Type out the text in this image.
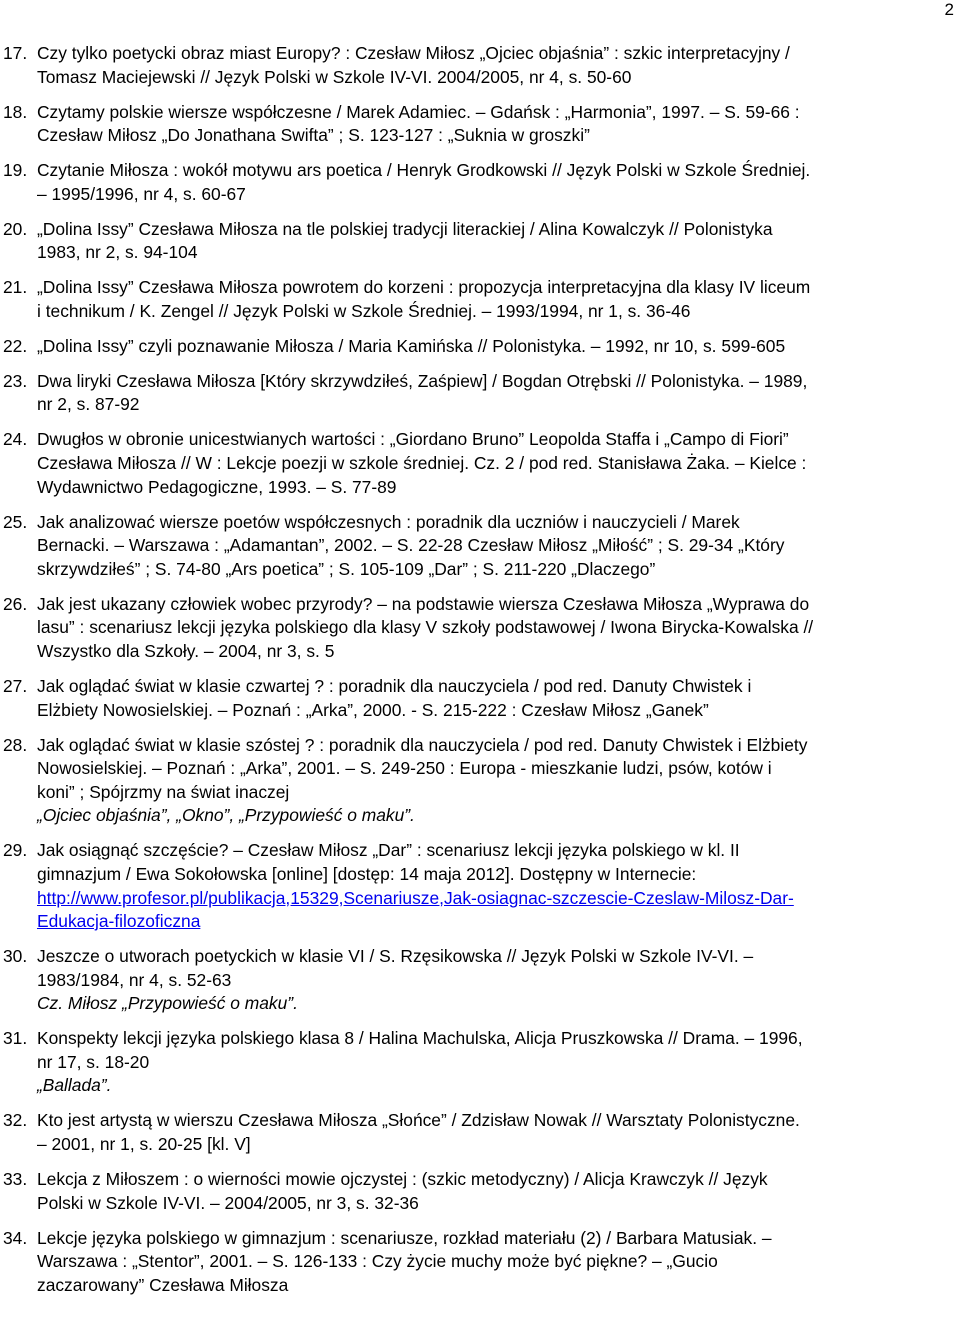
2
17. Czy tylko poetycki obraz miast Europy? : Czesław Miłosz „Ojciec objaśnia” : szkic interpretacyjny /
Tomasz Maciejewski // Język Polski w Szkole IV-VI. 2004/2005, nr 4, s. 50-60
18. Czytamy polskie wiersze współczesne / Marek Adamiec. – Gdańsk : „Harmonia”, 1997. – S. 59-66 :
Czesław Miłosz „Do Jonathana Swifta” ; S. 123-127 : „Suknia w groszki”
19. Czytanie Miłosza : wokół motywu ars poetica / Henryk Grodkowski // Język Polski w Szkole Średniej.
– 1995/1996, nr 4, s. 60-67
20. „Dolina Issy” Czesława Miłosza na tle polskiej tradycji literackiej / Alina Kowalczyk // Polonistyka
1983, nr 2, s. 94-104
21. „Dolina Issy” Czesława Miłosza powrotem do korzeni : propozycja interpretacyjna dla klasy IV liceum
i technikum / K. Zengel // Język Polski w Szkole Średniej. – 1993/1994, nr 1, s. 36-46
22. „Dolina Issy” czyli poznawanie Miłosza / Maria Kamińska // Polonistyka. – 1992, nr 10, s. 599-605
23. Dwa liryki Czesława Miłosza [Który skrzywdziłeś, Zaśpiew] / Bogdan Otrębski // Polonistyka. – 1989,
nr 2, s. 87-92
24. Dwugłos w obronie unicestwianych wartości : „Giordano Bruno” Leopolda Staffa i „Campo di Fiori”
Czesława Miłosza // W : Lekcje poezji w szkole średniej. Cz. 2 / pod red. Stanisława Żaka. – Kielce :
Wydawnictwo Pedagogiczne, 1993. – S. 77-89
25. Jak analizować wiersze poetów współczesnych : poradnik dla uczniów i nauczycieli / Marek
Bernacki. – Warszawa : „Adamantan”, 2002. – S. 22-28 Czesław Miłosz „Miłość” ; S. 29-34 „Który
skrzywdziłeś” ; S. 74-80 „Ars poetica” ; S. 105-109 „Dar” ; S. 211-220 „Dlaczego”
26. Jak jest ukazany człowiek wobec przyrody? – na podstawie wiersza Czesława Miłosza „Wyprawa do
lasu” : scenariusz lekcji języka polskiego dla klasy V szkoły podstawowej / Iwona Birycka-Kowalska //
Wszystko dla Szkoły. – 2004, nr 3, s. 5
27. Jak oglądać świat w klasie czwartej ? : poradnik dla nauczyciela / pod red. Danuty Chwistek i
Elżbiety Nowosielskiej. – Poznań : „Arka”, 2000. - S. 215-222 : Czesław Miłosz „Ganek”
28. Jak oglądać świat w klasie szóstej ? : poradnik dla nauczyciela / pod red. Danuty Chwistek i Elżbiety
Nowosielskiej. – Poznań : „Arka”, 2001. – S. 249-250 : Europa - mieszkanie ludzi, psów, kotów i
koni” ; Spójrzmy na świat inaczej
„Ojciec objaśnia”, „Okno”, „Przypowieść o maku”.
29. Jak osiągnąć szczęście? – Czesław Miłosz „Dar” : scenariusz lekcji języka polskiego w kl. II
gimnazjum / Ewa Sokołowska [online] [dostęp: 14 maja 2012]. Dostępny w Internecie:
http://www.profesor.pl/publikacja,15329,Scenariusze,Jak-osiagnac-szczescie-Czeslaw-Milosz-Dar-
Edukacja-filozoficzna
30. Jeszcze o utworach poetyckich w klasie VI / S. Rzęsikowska // Język Polski w Szkole IV-VI. –
1983/1984, nr 4, s. 52-63
Cz. Miłosz „Przypowieść o maku”.
31. Konspekty lekcji języka polskiego klasa 8 / Halina Machulska, Alicja Pruszkowska // Drama. – 1996,
nr 17, s. 18-20
„Ballada”.
32. Kto jest artystą w wierszu Czesława Miłosza „Słońce” / Zdzisław Nowak // Warsztaty Polonistyczne.
– 2001, nr 1, s. 20-25 [kl. V]
33. Lekcja z Miłoszem : o wierności mowie ojczystej : (szkic metodyczny) / Alicja Krawczyk // Język
Polski w Szkole IV-VI. – 2004/2005, nr 3, s. 32-36
34. Lekcje języka polskiego w gimnazjum : scenariusze, rozkład materiału (2) / Barbara Matusiak. –
Warszawa : „Stentor”, 2001. – S. 126-133 : Czy życie muchy może być piękne? – „Gucio
zaczarowany” Czesława Miłosza
